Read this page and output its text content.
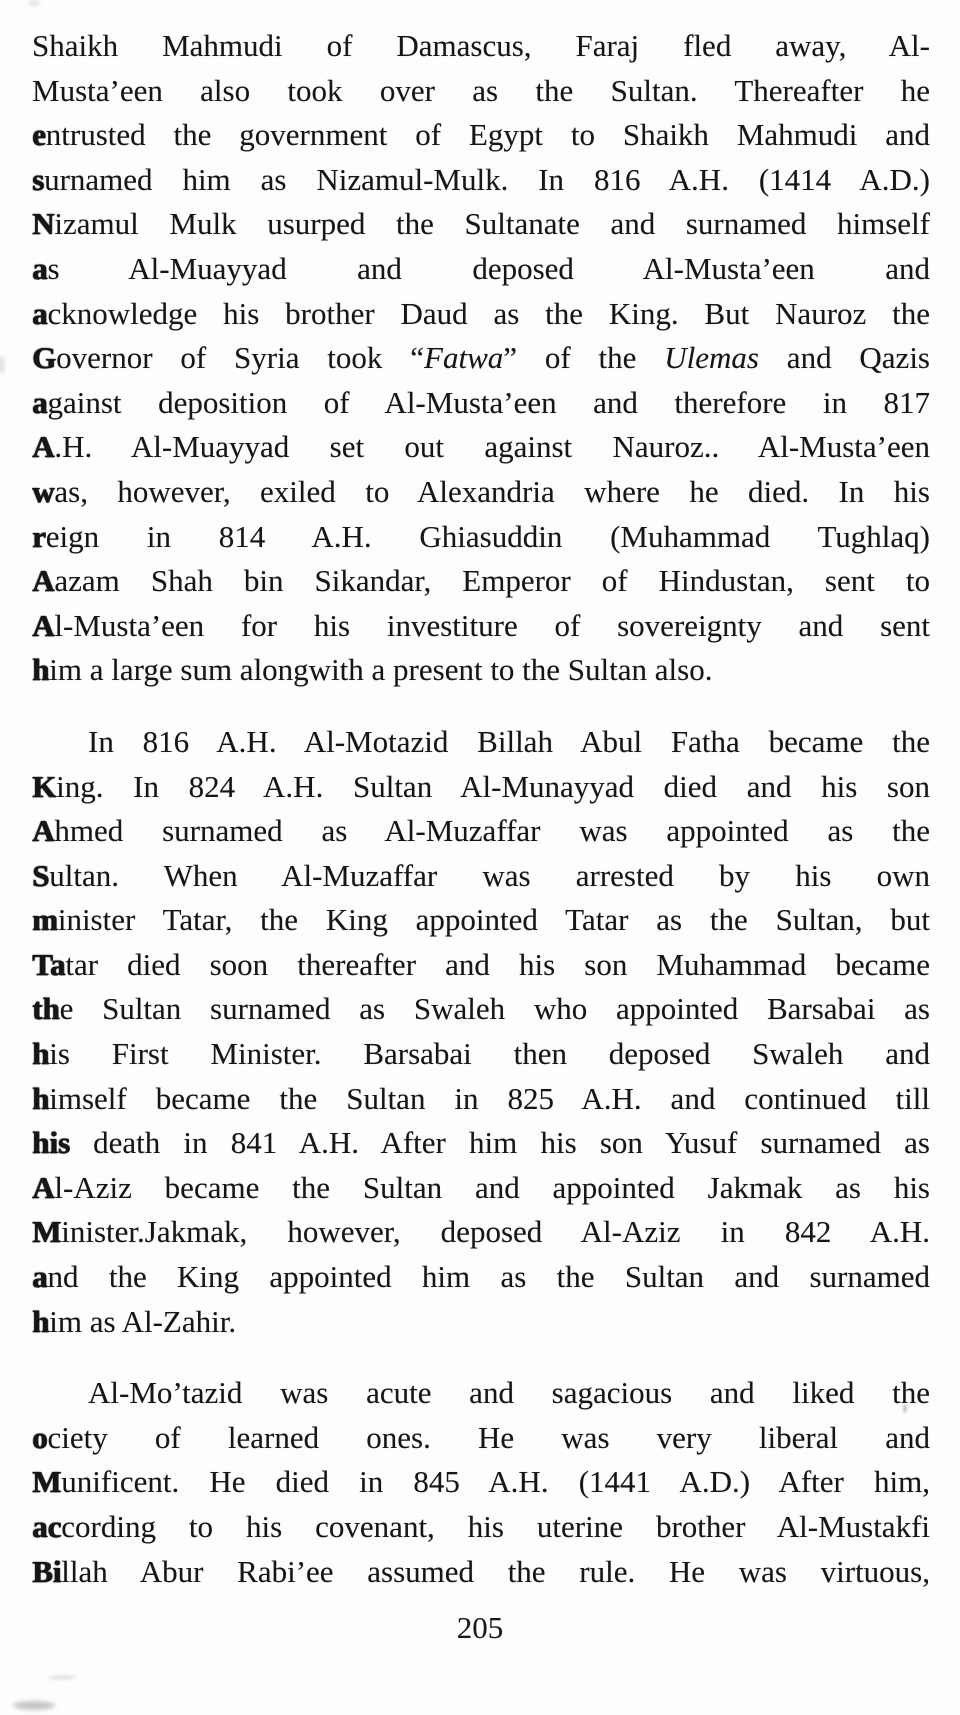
Shaikh Mahmudi of Damascus, Faraj fled away, Al-
Musta’een also took over as the Sultan. Thereafter he
entrusted the government of Egypt to Shaikh Mahmudi and
surnamed him as Nizamul-Mulk. In 816 A.H. (1414 A.D.)
Nizamul Mulk usurped the Sultanate and surnamed himself
as Al-Muayyad and deposed Al-Musta’een and
acknowledge his brother Daud as the King. But Nauroz the
Governor of Syria took “Fatwa” of the Ulemas and Qazis
against deposition of Al-Musta’een and therefore in 817
A.H. Al-Muayyad set out against Nauroz.. Al-Musta’een
was, however, exiled to Alexandria where he died. In his
reign in 814 A.H. Ghiasuddin (Muhammad Tughlaq)
Aazam Shah bin Sikandar, Emperor of Hindustan, sent to
Al-Musta’een for his investiture of sovereignty and sent
him a large sum alongwith a present to the Sultan also.
In 816 A.H. Al-Motazid Billah Abul Fatha became the
King. In 824 A.H. Sultan Al-Munayyad died and his son
Ahmed surnamed as Al-Muzaffar was appointed as the
Sultan. When Al-Muzaffar was arrested by his own
minister Tatar, the King appointed Tatar as the Sultan, but
Tatar died soon thereafter and his son Muhammad became
the Sultan surnamed as Swaleh who appointed Barsabai as
his First Minister. Barsabai then deposed Swaleh and
himself became the Sultan in 825 A.H. and continued till
his death in 841 A.H. After him his son Yusuf surnamed as
Al-Aziz became the Sultan and appointed Jakmak as his
Minister.Jakmak, however, deposed Al-Aziz in 842 A.H.
and the King appointed him as the Sultan and surnamed
him as Al-Zahir.
Al-Mo’tazid was acute and sagacious and liked the
ociety of learned ones. He was very liberal and
Munificent. He died in 845 A.H. (1441 A.D.) After him,
according to his covenant, his uterine brother Al-Mustakfi
Billah Abur Rabi’ee assumed the rule. He was virtuous,
205
